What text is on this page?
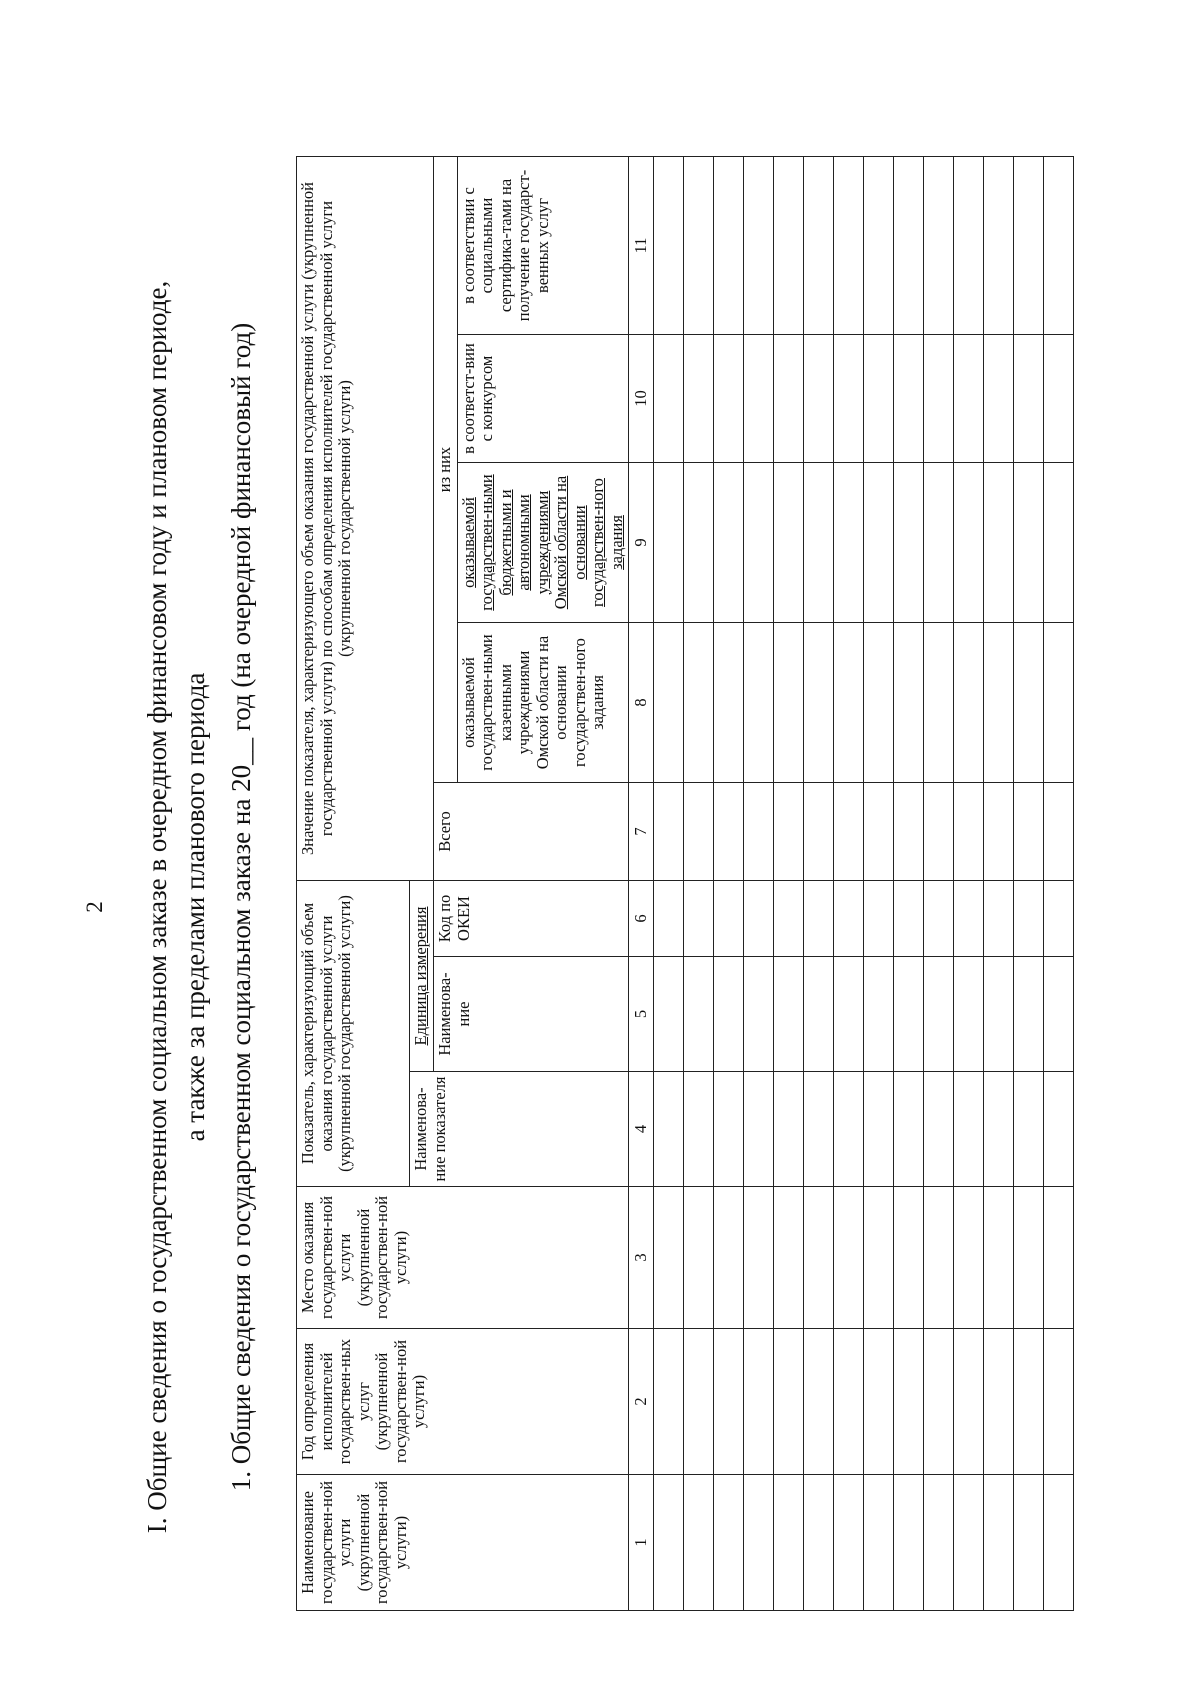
2 I. Общие сведения о государственном социальном заказе в очередном финансовом году и плановом периоде, а также за пределами планового периода 1. Общие сведения о государственном социальном заказе на 20__ год (на очередной финансовый год)
Наименование государствен-ной услуги (укрупненной государствен-ной услуги)	Год определения исполнителей государствен-ных услуг (укрупненной государствен-ной услуги)	Место оказания государствен-ной услуги (укрупненной государствен-ной услуги)	Показатель, характеризующий объем оказания государственной услуги (укрупненной государственной услуги)			Значение показателя, характеризующего объем оказания государственной услуги (укрупненной государственной услуги) по способам определения исполнителей государственной услуги (укрупненной государственной услуги)				
			Наименова-ние показателя	Единица измерения						
				Наименова-ние	Код по ОКЕИ	Всего	из них			
							оказываемой государствен-ными казенными учреждениями Омской области на основании государствен-ного задания	оказываемой государствен-ными бюджетными и автономными учреждениями Омской области на основании государствен-ного задания	в соответст-вии с конкурсом	в соответствии с социальными сертифика-тами на получение государст-венных услуг
1	2	3	4	5	6	7	8	9	10	11
